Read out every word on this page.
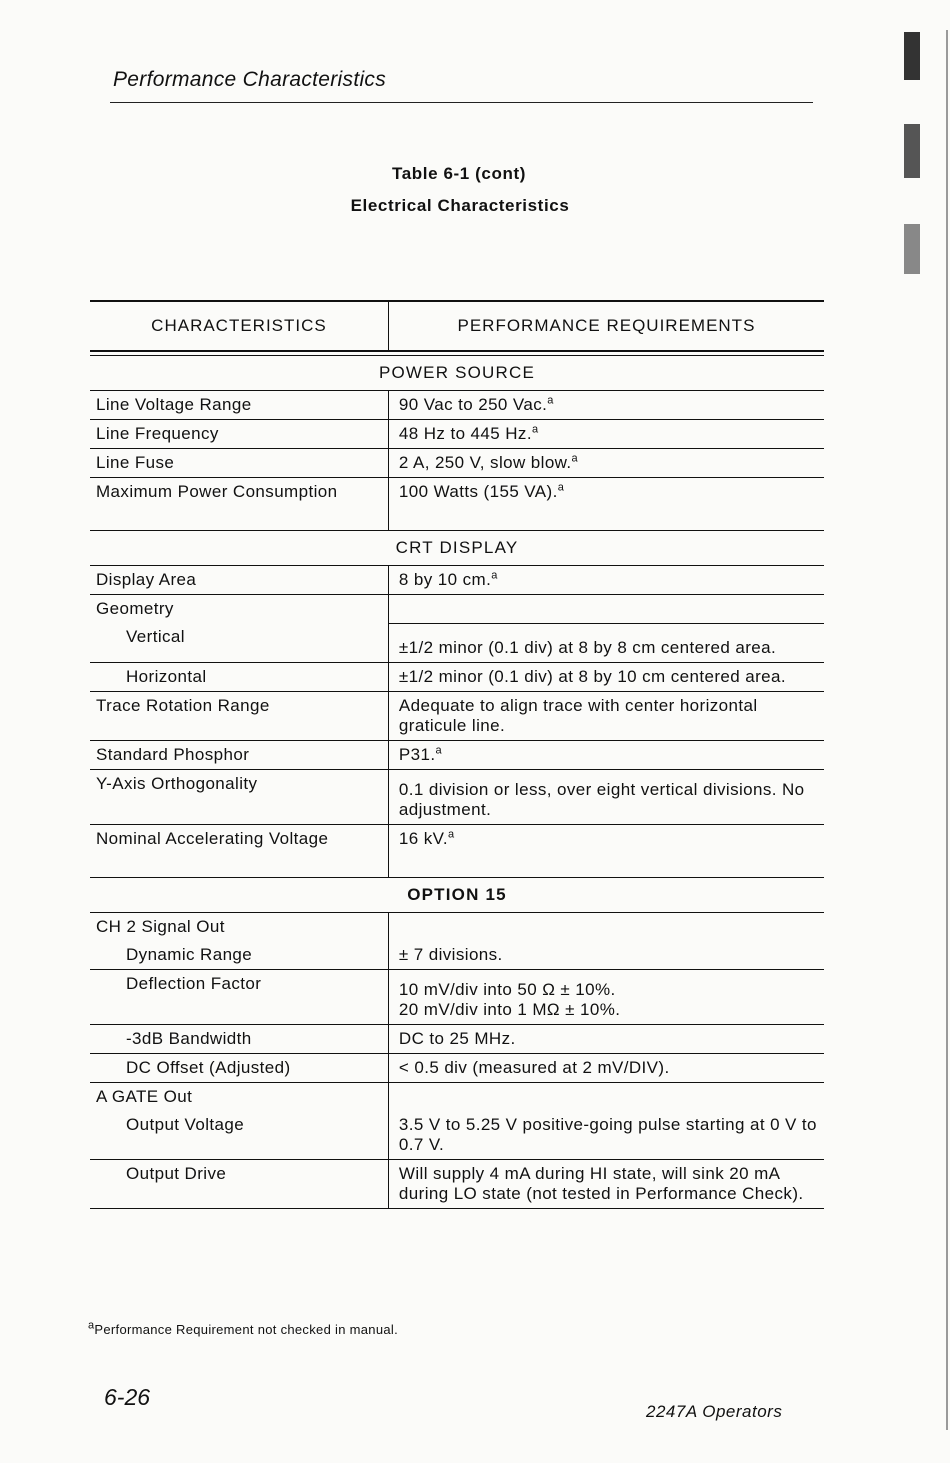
Performance Characteristics
Table 6-1 (cont)
Electrical Characteristics
CHARACTERISTICS	PERFORMANCE REQUIREMENTS

POWER SOURCE	
Line Voltage Range	90 Vac to 250 Vac.$^a$
Line Frequency	48 Hz to 445 Hz.$^a$
Line Fuse	2 A, 250 V, slow blow.$^a$
Maximum Power Consumption	100 Watts (155 VA).$^a$
CRT DISPLAY	
Display Area	8 by 10 cm.$^a$
Geometry	
Vertical	±1/2 minor (0.1 div) at 8 by 8 cm centered area.
Horizontal	±1/2 minor (0.1 div) at 8 by 10 cm centered area.
Trace Rotation Range	Adequate to align trace with center horizontal graticule line.
Standard Phosphor	P31.$^a$
Y-Axis Orthogonality	0.1 division or less, over eight vertical divisions. No adjustment.
Nominal Accelerating Voltage	16 kV.$^a$
OPTION 15	
CH 2 Signal Out	
Dynamic Range	± 7 divisions.
Deflection Factor	10 mV/div into 50 Ω ± 10%.
20 mV/div into 1 MΩ ± 10%.

-3dB Bandwidth	DC to 25 MHz.
DC Offset (Adjusted)	< 0.5 div (measured at 2 mV/DIV).
A GATE Out	
Output Voltage	3.5 V to 5.25 V positive-going pulse starting at 0 V to 0.7 V.
Output Drive	Will supply 4 mA during HI state, will sink 20 mA during LO state (not tested in Performance Check).
$^a$Performance Requirement not checked in manual.
6-26
2247A Operators
